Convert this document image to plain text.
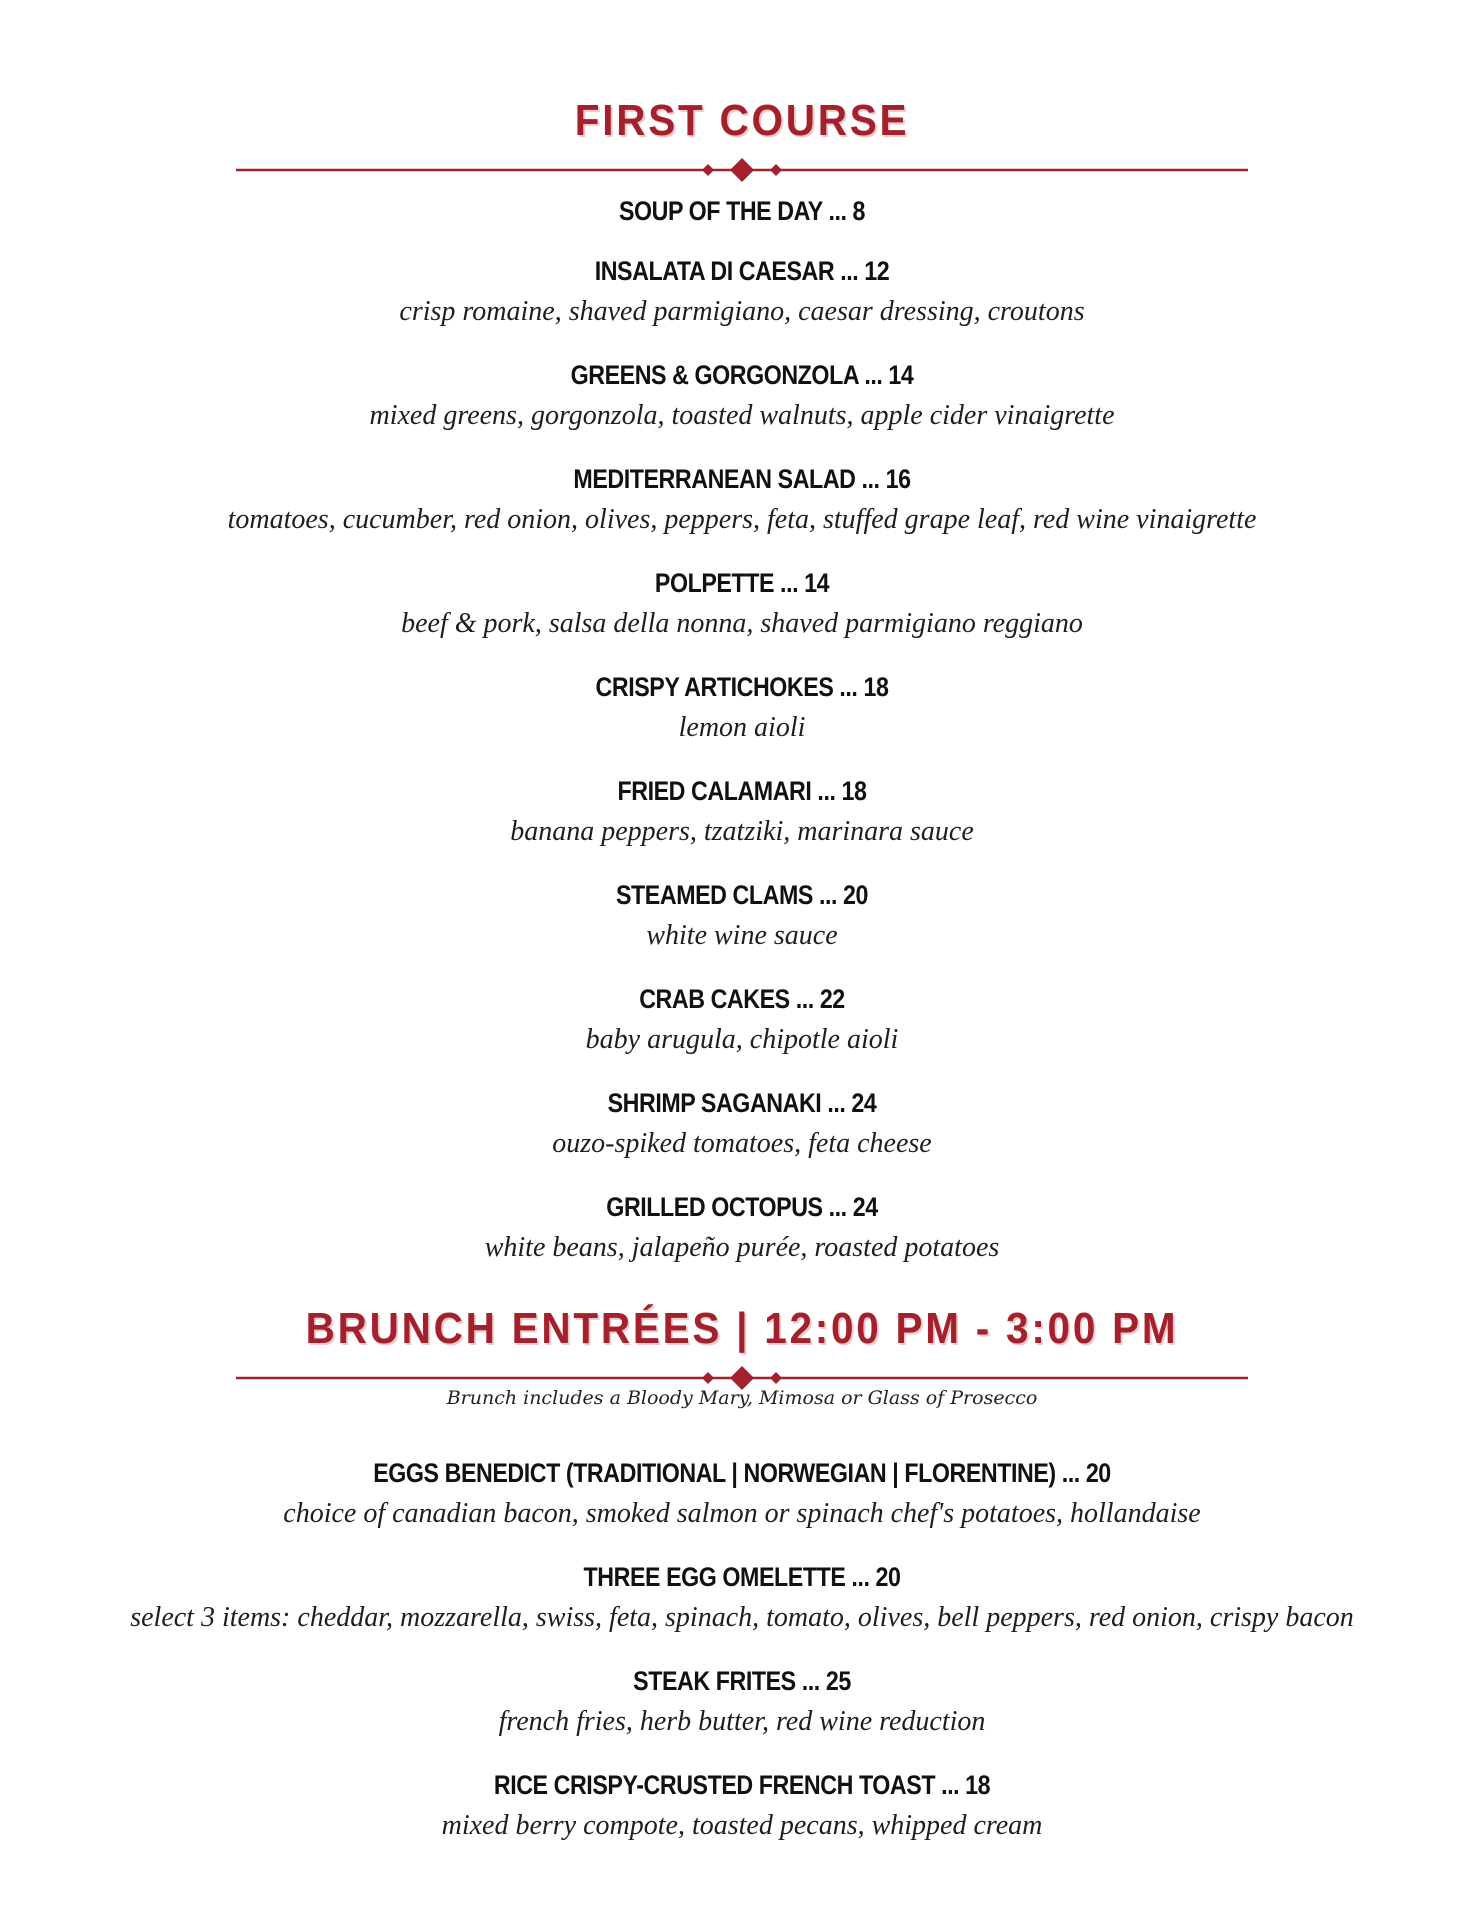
FIRST COURSE
SOUP OF THE DAY ... 8
INSALATA DI CAESAR ... 12
crisp romaine, shaved parmigiano, caesar dressing, croutons
GREENS & GORGONZOLA ... 14
mixed greens, gorgonzola, toasted walnuts, apple cider vinaigrette
MEDITERRANEAN SALAD ... 16
tomatoes, cucumber, red onion, olives, peppers, feta, stuffed grape leaf, red wine vinaigrette
POLPETTE ... 14
beef & pork, salsa della nonna, shaved parmigiano reggiano
CRISPY ARTICHOKES ... 18
lemon aioli
FRIED CALAMARI ... 18
banana peppers, tzatziki, marinara sauce
STEAMED CLAMS ... 20
white wine sauce
CRAB CAKES ... 22
baby arugula, chipotle aioli
SHRIMP SAGANAKI ... 24
ouzo-spiked tomatoes, feta cheese
GRILLED OCTOPUS ... 24
white beans, jalapeño purée, roasted potatoes
BRUNCH ENTRÉES | 12:00 PM - 3:00 PM
Brunch includes a Bloody Mary, Mimosa or Glass of Prosecco
EGGS BENEDICT (TRADITIONAL | NORWEGIAN | FLORENTINE) ... 20
choice of canadian bacon, smoked salmon or spinach chef's potatoes, hollandaise
THREE EGG OMELETTE ... 20
select 3 items: cheddar, mozzarella, swiss, feta, spinach, tomato, olives, bell peppers, red onion, crispy bacon
STEAK FRITES ... 25
french fries, herb butter, red wine reduction
RICE CRISPY-CRUSTED FRENCH TOAST ... 18
mixed berry compote, toasted pecans, whipped cream
